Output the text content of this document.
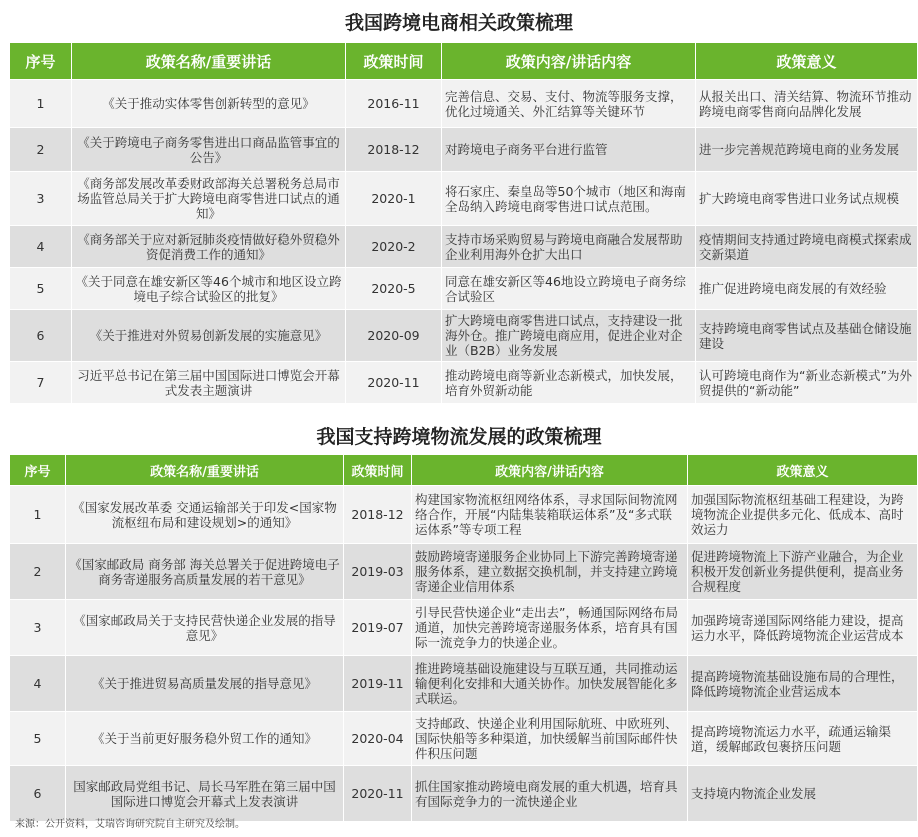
我国跨境电商相关政策梳理
序号	政策名称/重要讲话	政策时间	政策内容/讲话内容	政策意义
1	《关于推动实体零售创新转型的意见》	2016-11	完善信息、交易、支付、物流等服务支撑，优化过境通关、外汇结算等关键环节	从报关出口、清关结算、物流环节推动跨境电商零售商向品牌化发展
2	《关于跨境电子商务零售进出口商品监管事宜的公告》	2018-12	对跨境电子商务平台进行监管	进一步完善规范跨境电商的业务发展
3	《商务部发展改革委财政部海关总署税务总局市场监管总局关于扩大跨境电商零售进口试点的通知》	2020-1	将石家庄、秦皇岛等50个城市（地区和海南全岛纳入跨境电商零售进口试点范围。	扩大跨境电商零售进口业务试点规模
4	《商务部关于应对新冠肺炎疫情做好稳外贸稳外资促消费工作的通知》	2020-2	支持市场采购贸易与跨境电商融合发展帮助企业利用海外仓扩大出口	疫情期间支持通过跨境电商模式探索成交新渠道
5	《关于同意在雄安新区等46个城市和地区设立跨境电子综合试验区的批复》	2020-5	同意在雄安新区等46地设立跨境电子商务综合试验区	推广促进跨境电商发展的有效经验
6	《关于推进对外贸易创新发展的实施意见》	2020-09	扩大跨境电商零售进口试点，支持建设一批海外仓。推广跨境电商应用，促进企业对企业（B2B）业务发展	支持跨境电商零售试点及基础仓储设施建设
7	习近平总书记在第三届中国国际进口博览会开幕式发表主题演讲	2020-11	推动跨境电商等新业态新模式，加快发展，培育外贸新动能	认可跨境电商作为“新业态新模式”为外贸提供的“新动能”
我国支持跨境物流发展的政策梳理
序号	政策名称/重要讲话	政策时间	政策内容/讲话内容	政策意义
1	《国家发展改革委 交通运输部关于印发<国家物流枢纽布局和建设规划>的通知》	2018-12	构建国家物流枢纽网络体系，寻求国际间物流网络合作，开展“内陆集装箱联运体系”及“多式联运体系”等专项工程	加强国际物流枢纽基础工程建设，为跨境物流企业提供多元化、低成本、高时效运力
2	《国家邮政局 商务部 海关总署关于促进跨境电子商务寄递服务高质量发展的若干意见》	2019-03	鼓励跨境寄递服务企业协同上下游完善跨境寄递服务体系，建立数据交换机制，并支持建立跨境寄递企业信用体系	促进跨境物流上下游产业融合，为企业积极开发创新业务提供便利，提高业务合规程度
3	《国家邮政局关于支持民营快递企业发展的指导意见》	2019-07	引导民营快递企业“走出去”，畅通国际网络布局通道，加快完善跨境寄递服务体系，培育具有国际一流竞争力的快递企业。	加强跨境寄递国际网络能力建设，提高运力水平，降低跨境物流企业运营成本
4	《关于推进贸易高质量发展的指导意见》	2019-11	推进跨境基础设施建设与互联互通，共同推动运输便利化安排和大通关协作。加快发展智能化多式联运。	提高跨境物流基础设施布局的合理性，降低跨境物流企业营运成本
5	《关于当前更好服务稳外贸工作的通知》	2020-04	支持邮政、快递企业利用国际航班、中欧班列、国际快船等多种渠道，加快缓解当前国际邮件快件积压问题	提高跨境物流运力水平，疏通运输渠道，缓解邮政包裹挤压问题
6	国家邮政局党组书记、局长马军胜在第三届中国国际进口博览会开幕式上发表演讲	2020-11	抓住国家推动跨境电商发展的重大机遇，培育具有国际竞争力的一流快递企业	支持境内物流企业发展
来源：公开资料，艾瑞咨询研究院自主研究及绘制。
